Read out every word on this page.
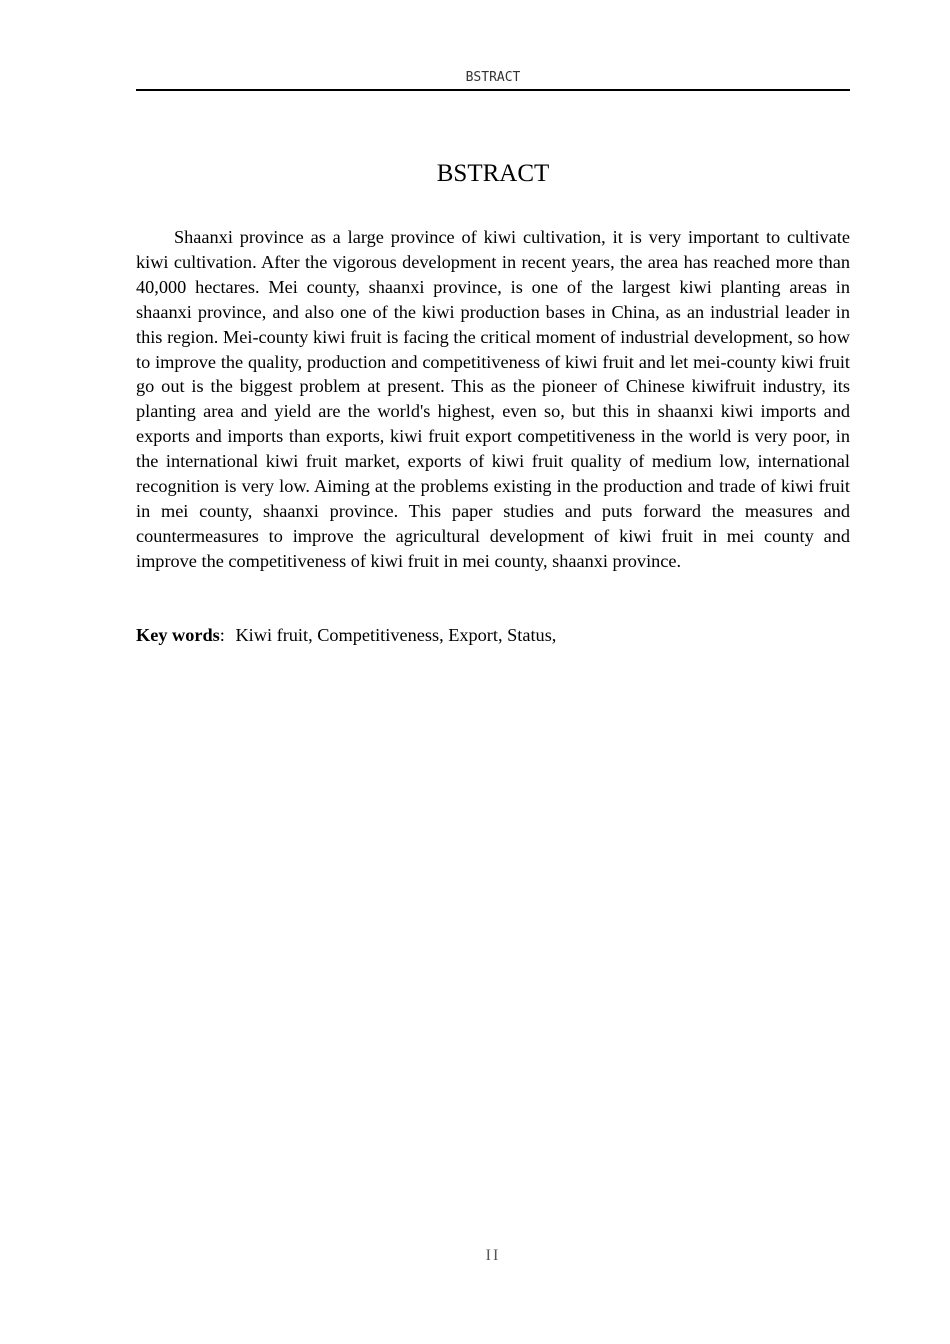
BSTRACT
BSTRACT

Shaanxi province as a large province of kiwi cultivation, it is very important to cultivate kiwi cultivation. After the vigorous development in recent years, the area has reached more than 40,000 hectares. Mei county, shaanxi province, is one of the largest kiwi planting areas in shaanxi province, and also one of the kiwi production bases in China, as an industrial leader in this region. Mei-county kiwi fruit is facing the critical moment of industrial development, so how to improve the quality, production and competitiveness of kiwi fruit and let mei-county kiwi fruit go out is the biggest problem at present. This as the pioneer of Chinese kiwifruit industry, its planting area and yield are the world's highest, even so, but this in shaanxi kiwi imports and exports and imports than exports, kiwi fruit export competitiveness in the world is very poor, in the international kiwi fruit market, exports of kiwi fruit quality of medium low, international recognition is very low. Aiming at the problems existing in the production and trade of kiwi fruit in mei county, shaanxi province. This paper studies and puts forward the measures and countermeasures to improve the agricultural development of kiwi fruit in mei county and improve the competitiveness of kiwi fruit in mei county, shaanxi province.

Key words: Kiwi fruit, Competitiveness, Export, Status,

II
